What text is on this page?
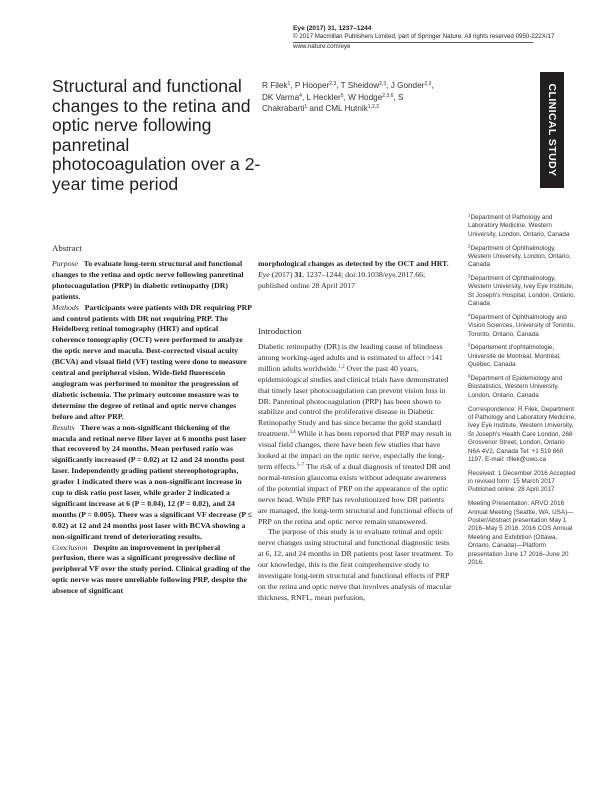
Eye (2017) 31, 1237–1244
© 2017 Macmillan Publishers Limited, part of Springer Nature. All rights reserved 0950-222X/17
www.nature.com/eye
Structural and functional changes to the retina and optic nerve following panretinal photocoagulation over a 2-year time period
R Filek$^1$, P Hooper$^{2,3}$, T Sheidow$^{2,3}$, J Gonder$^{2,3}$, DK Varma$^4$, L Heckler$^5$, W Hodge$^{2,3,6}$, S Chakrabarti$^1$ and CML Hutnik$^{1,2,3}$	CLINICAL STUDY
Abstract

Purpose To evaluate long-term structural and functional changes to the retina and optic nerve following panretinal photocoagulation (PRP) in diabetic retinopathy (DR) patients.

Methods Participants were patients with DR requiring PRP and control patients with DR not requiring PRP. The Heidelberg retinal tomography (HRT) and optical coherence tomography (OCT) were performed to analyze the optic nerve and macula. Best-corrected visual acuity (BCVA) and visual field (VF) testing were done to measure central and peripheral vision. Wide-field fluorescein angiogram was performed to monitor the progression of diabetic ischemia. The primary outcome measure was to determine the degree of retinal and optic nerve changes before and after PRP.

Results There was a non-significant thickening of the macula and retinal nerve fiber layer at 6 months post laser that recovered by 24 months. Mean perfused ratio was significantly increased (P = 0.02) at 12 and 24 months post laser. Independently grading patient stereophotographs, grader 1 indicated there was a non-significant increase in cup to disk ratio post laser, while grader 2 indicated a significant increase at 6 (P = 0.04), 12 (P = 0.02), and 24 months (P = 0.005). There was a significant VF decrease (P ≤ 0.02) at 12 and 24 months post laser with BCVA showing a non-significant trend of deteriorating results.

Conclusion Despite an improvement in peripheral perfusion, there was a significant progressive decline of peripheral VF over the study period. Clinical grading of the optic nerve was more unreliable following PRP, despite the absence of significant

morphological changes as detected by the OCT and HRT.
Eye (2017) 31, 1237–1244; doi:10.1038/eye.2017.66; published online 28 April 2017
Introduction

Diabetic retinopathy (DR) is the leading cause of blindness among working-aged adults and is estimated to affect >141 million adults worldwide.$^{1,2}$ Over the past 40 years, epidemiological studies and clinical trials have demonstrated that timely laser photocoagulation can prevent vision loss in DR. Panretinal photocoagulation (PRP) has been shown to stabilize and control the proliferative disease in Diabetic Retinopathy Study and has since became the gold standard treatment.$^{3,4}$ While it has been reported that PRP may result in visual field changes, there have been few studies that have looked at the impact on the optic nerve, especially the long-term effects.$^{5-7}$ The risk of a dual diagnosis of treated DR and normal-tension glaucoma exists without adequate awareness of the potential impact of PRP on the appearance of the optic nerve head. While PRP has revolutionized how DR patients are managed, the long-term structural and functional effects of PRP on the retina and optic nerve remain unanswered.

The purpose of this study is to evaluate retinal and optic nerve changes using structural and functional diagnostic tests at 6, 12, and 24 months in DR patients post laser treatment. To our knowledge, this is the first comprehensive study to investigate long-term structural and functional effects of PRP on the retina and optic nerve that involves analysis of macular thickness, RNFL, mean perfusion,

$^1$Department of Pathology and Laboratory Medicine, Western University, London, Ontario, Canada

$^2$Department of Ophthalmology, Western University, London, Ontario, Canada

$^3$Department of Ophthalmology, Western University, Ivey Eye Institute, St Joseph's Hospital, London, Ontario, Canada

$^4$Department of Ophthalmology and Vision Sciences, University of Toronto, Toronto, Ontario, Canada

$^5$Département d'ophtalmologie, Université de Montréal, Montréal, Québec, Canada

$^6$Department of Epidemiology and Biostatistics, Western University, London, Ontario, Canada

Correspondence: R Filek, Department of Pathology and Laboratory Medicine, Ivey Eye Institute, Western University, St Joseph's Health Care London, 268 Grosvenor Street, London, Ontario N6A 4V2, Canada Tel: +1 519 860 1197. E-mail: rfilek@uwo.ca

Received: 1 December 2016 Accepted in revised form: 15 March 2017 Published online: 28 April 2017

Meeting Presentation: ARVO 2016 Annual Meeting (Seattle, WA, USA)—Poster/Abstract presentation May 1 2016–May 5 2016. 2016 COS Annual Meeting and Exhibition (Ottawa, Ontario, Canada)—Platform presentation June 17 2016–June 20 2016.
